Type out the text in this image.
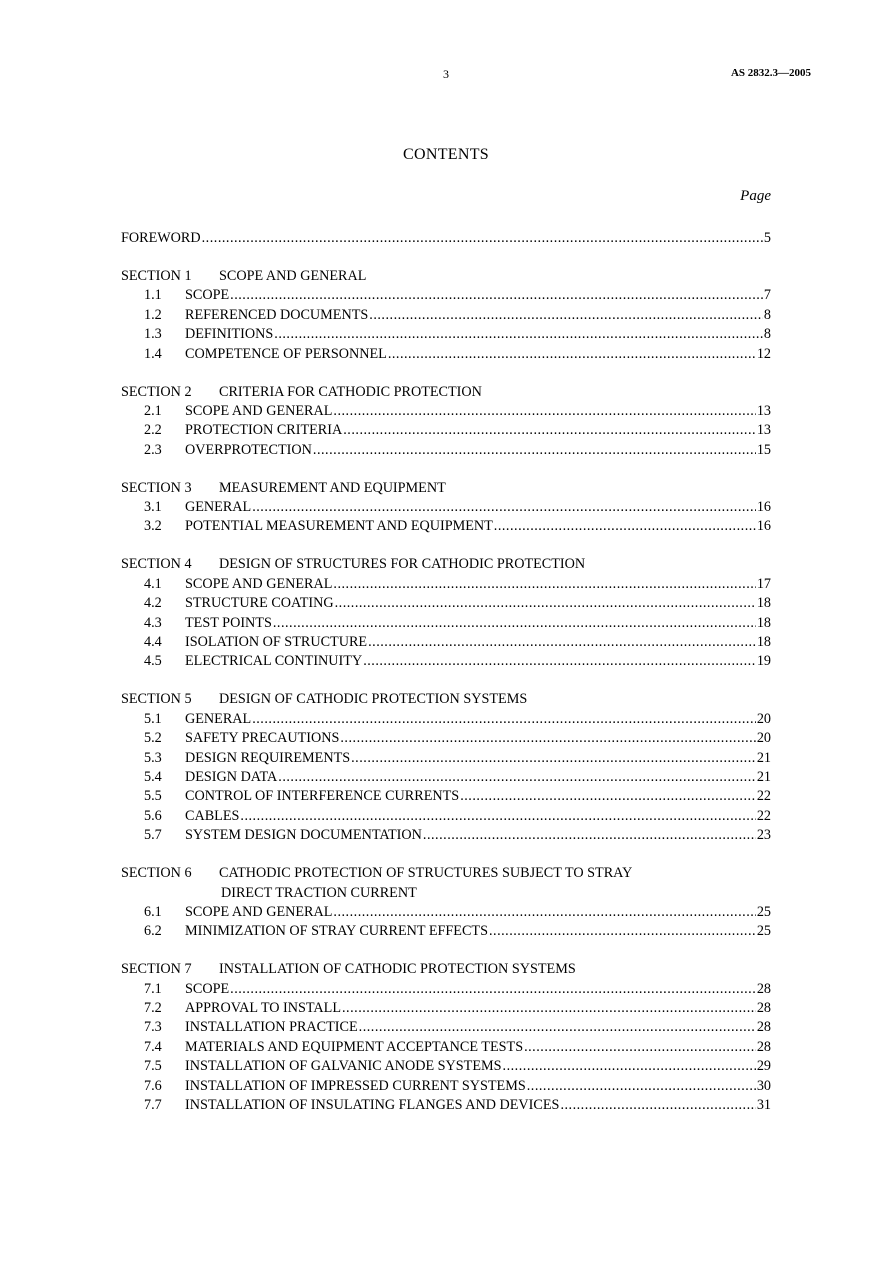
3	AS 2832.3—2005
CONTENTS
Page
FOREWORD .....	5
SECTION 1 SCOPE AND GENERAL
1.1	SCOPE .....	7
1.2	REFERENCED DOCUMENTS .....	8
1.3	DEFINITIONS .....	8
1.4	COMPETENCE OF PERSONNEL .....	12
SECTION 2 CRITERIA FOR CATHODIC PROTECTION
2.1	SCOPE AND GENERAL .....	13
2.2	PROTECTION CRITERIA .....	13
2.3	OVERPROTECTION .....	15
SECTION 3 MEASUREMENT AND EQUIPMENT
3.1	GENERAL .....	16
3.2	POTENTIAL MEASUREMENT AND EQUIPMENT .....	16
SECTION 4 DESIGN OF STRUCTURES FOR CATHODIC PROTECTION
4.1	SCOPE AND GENERAL .....	17
4.2	STRUCTURE COATING .....	18
4.3	TEST POINTS .....	18
4.4	ISOLATION OF STRUCTURE .....	18
4.5	ELECTRICAL CONTINUITY .....	19
SECTION 5 DESIGN OF CATHODIC PROTECTION SYSTEMS
5.1	GENERAL .....	20
5.2	SAFETY PRECAUTIONS .....	20
5.3	DESIGN REQUIREMENTS .....	21
5.4	DESIGN DATA .....	21
5.5	CONTROL OF INTERFERENCE CURRENTS .....	22
5.6	CABLES .....	22
5.7	SYSTEM DESIGN DOCUMENTATION .....	23
SECTION 6 CATHODIC PROTECTION OF STRUCTURES SUBJECT TO STRAY
DIRECT TRACTION CURRENT
6.1	SCOPE AND GENERAL .....	25
6.2	MINIMIZATION OF STRAY CURRENT EFFECTS .....	25
SECTION 7 INSTALLATION OF CATHODIC PROTECTION SYSTEMS
7.1	SCOPE .....	28
7.2	APPROVAL TO INSTALL .....	28
7.3	INSTALLATION PRACTICE .....	28
7.4	MATERIALS AND EQUIPMENT ACCEPTANCE TESTS .....	28
7.5	INSTALLATION OF GALVANIC ANODE SYSTEMS .....	29
7.6	INSTALLATION OF IMPRESSED CURRENT SYSTEMS .....	30
7.7	INSTALLATION OF INSULATING FLANGES AND DEVICES .....	31
